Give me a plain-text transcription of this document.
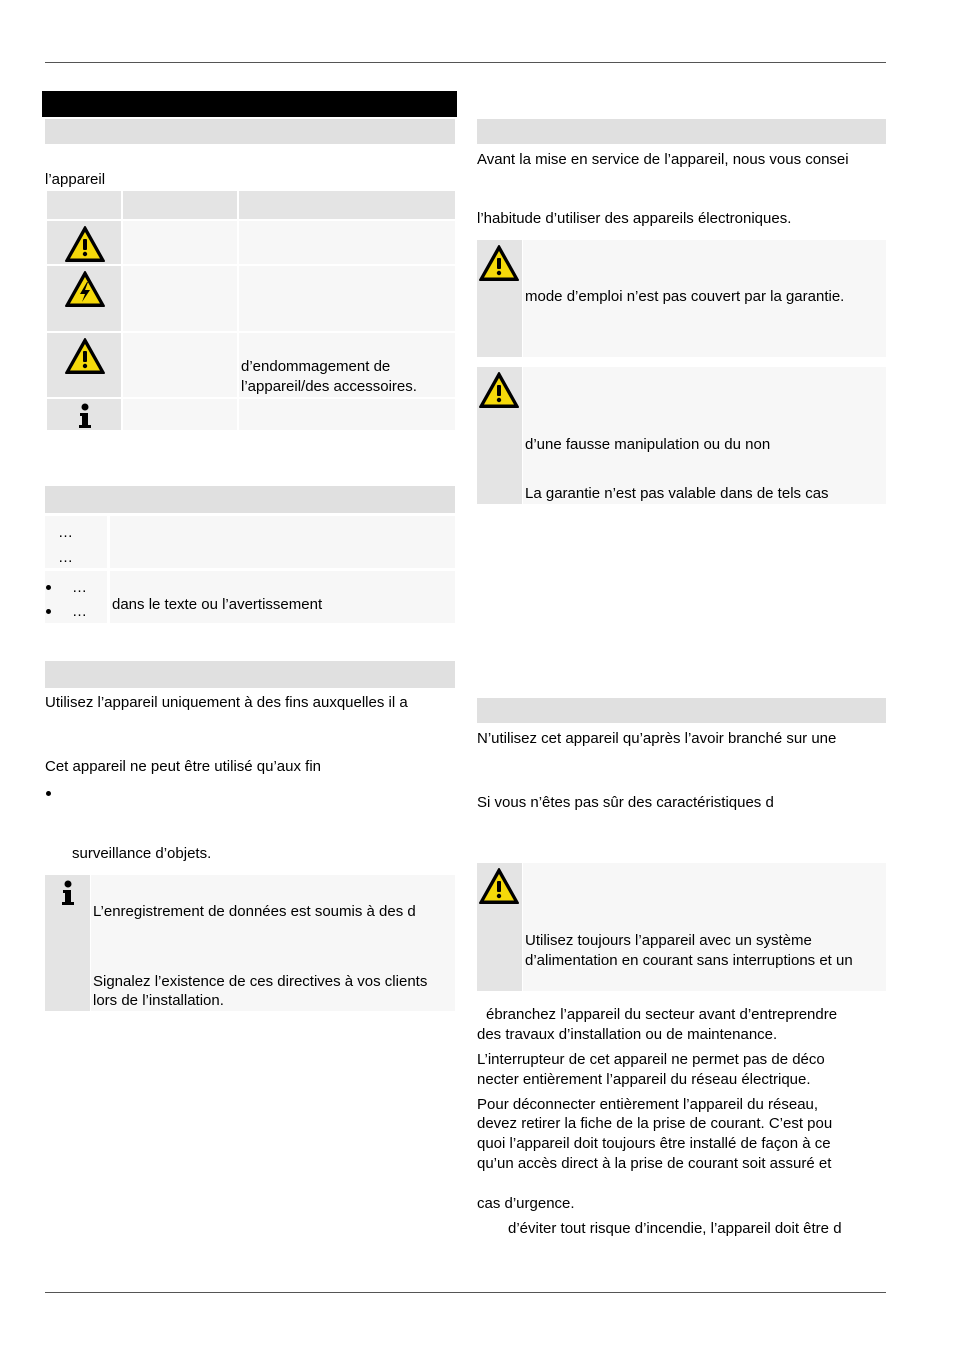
l’appareil
d’endommagement de
l’appareil/des accessoires.
…
…
…
… dans le texte ou l’avertissement
Utilisez l’appareil uniquement à des fins auxquelles il a
Cet appareil ne peut être utilisé qu’aux fin
surveillance d’objets.
L’enregistrement de données est soumis à des d
Signalez l’existence de ces directives à vos clients
lors de l’installation.
Avant la mise en service de l’appareil, nous vous consei
l’habitude d’utiliser des appareils électroniques.
mode d’emploi n’est pas couvert par la garantie.
d’une fausse manipulation ou du non
La garantie n’est pas valable dans de tels cas
N’utilisez cet appareil qu’après l’avoir branché sur une
Si vous n’êtes pas sûr des caractéristiques d
Utilisez toujours l’appareil avec un système
d’alimentation en courant sans interruptions et un
ébranchez l’appareil du secteur avant d’entreprendre
des travaux d’installation ou de maintenance.
L’interrupteur de cet appareil ne permet pas de déco
necter entièrement l’appareil du réseau électrique.
Pour déconnecter entièrement l’appareil du réseau,
devez retirer la fiche de la prise de courant. C’est pou
quoi l’appareil doit toujours être installé de façon à ce
qu’un accès direct à la prise de courant soit assuré et
cas d’urgence.
d’éviter tout risque d’incendie, l’appareil doit être d
